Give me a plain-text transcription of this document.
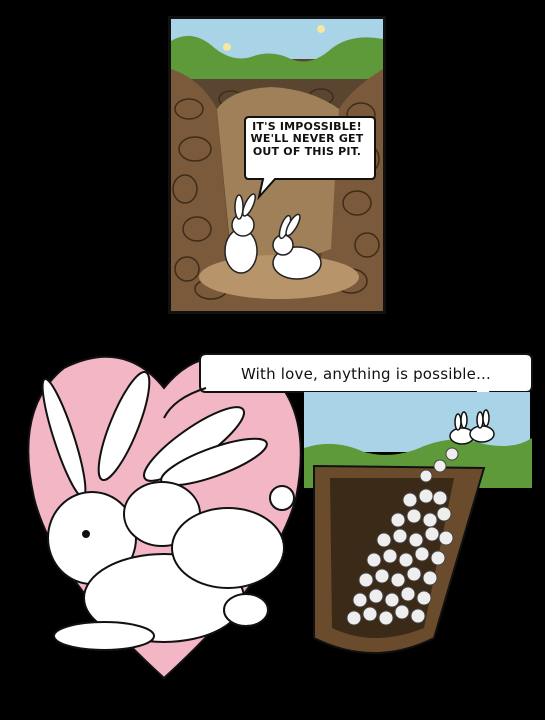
IT'S IMPOSSIBLE!
WE'LL NEVER GET
OUT OF THIS PIT.
With love, anything is possible...
